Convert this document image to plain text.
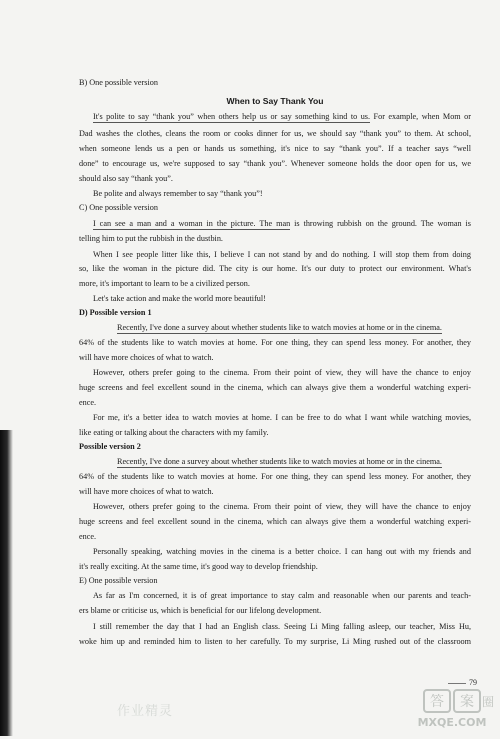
B) One possible version
When to Say Thank You
It's polite to say “thank you” when others help us or say something kind to us. For example, when Mom or
Dad washes the clothes, cleans the room or cooks dinner for us, we should say “thank you” to them. At school,
when someone lends us a pen or hands us something, it's nice to say “thank you”. If a teacher says “well
done” to encourage us, we're supposed to say “thank you”. Whenever someone holds the door open for us, we
should also say “thank you”.
Be polite and always remember to say “thank you”!
C) One possible version
I can see a man and a woman in the picture. The man is throwing rubbish on the ground. The woman is
telling him to put the rubbish in the dustbin.
When I see people litter like this, I believe I can not stand by and do nothing. I will stop them from doing
so, like the woman in the picture did. The city is our home. It's our duty to protect our environment. What's
more, it's important to learn to be a civilized person.
Let's take action and make the world more beautiful!
D) Possible version 1
Recently, I've done a survey about whether students like to watch movies at home or in the cinema.
64% of the students like to watch movies at home. For one thing, they can spend less money. For another, they
will have more choices of what to watch.
However, others prefer going to the cinema. From their point of view, they will have the chance to enjoy
huge screens and feel excellent sound in the cinema, which can always give them a wonderful watching experi-
ence.
For me, it's a better idea to watch movies at home. I can be free to do what I want while watching movies,
like eating or talking about the characters with my family.
Possible version 2
Recently, I've done a survey about whether students like to watch movies at home or in the cinema.
64% of the students like to watch movies at home. For one thing, they can spend less money. For another, they
will have more choices of what to watch.
However, others prefer going to the cinema. From their point of view, they will have the chance to enjoy
huge screens and feel excellent sound in the cinema, which can always give them a wonderful watching experi-
ence.
Personally speaking, watching movies in the cinema is a better choice. I can hang out with my friends and
it's really exciting. At the same time, it's good way to develop friendship.
E) One possible version
As far as I'm concerned, it is of great importance to stay calm and reasonable when our parents and teach-
ers blame or criticise us, which is beneficial for our lifelong development.
I still remember the day that I had an English class. Seeing Li Ming falling asleep, our teacher, Miss Hu,
woke him up and reminded him to listen to her carefully. To my surprise, Li Ming rushed out of the classroom
79
作业精灵
答 案 圈
MXQE.COM
